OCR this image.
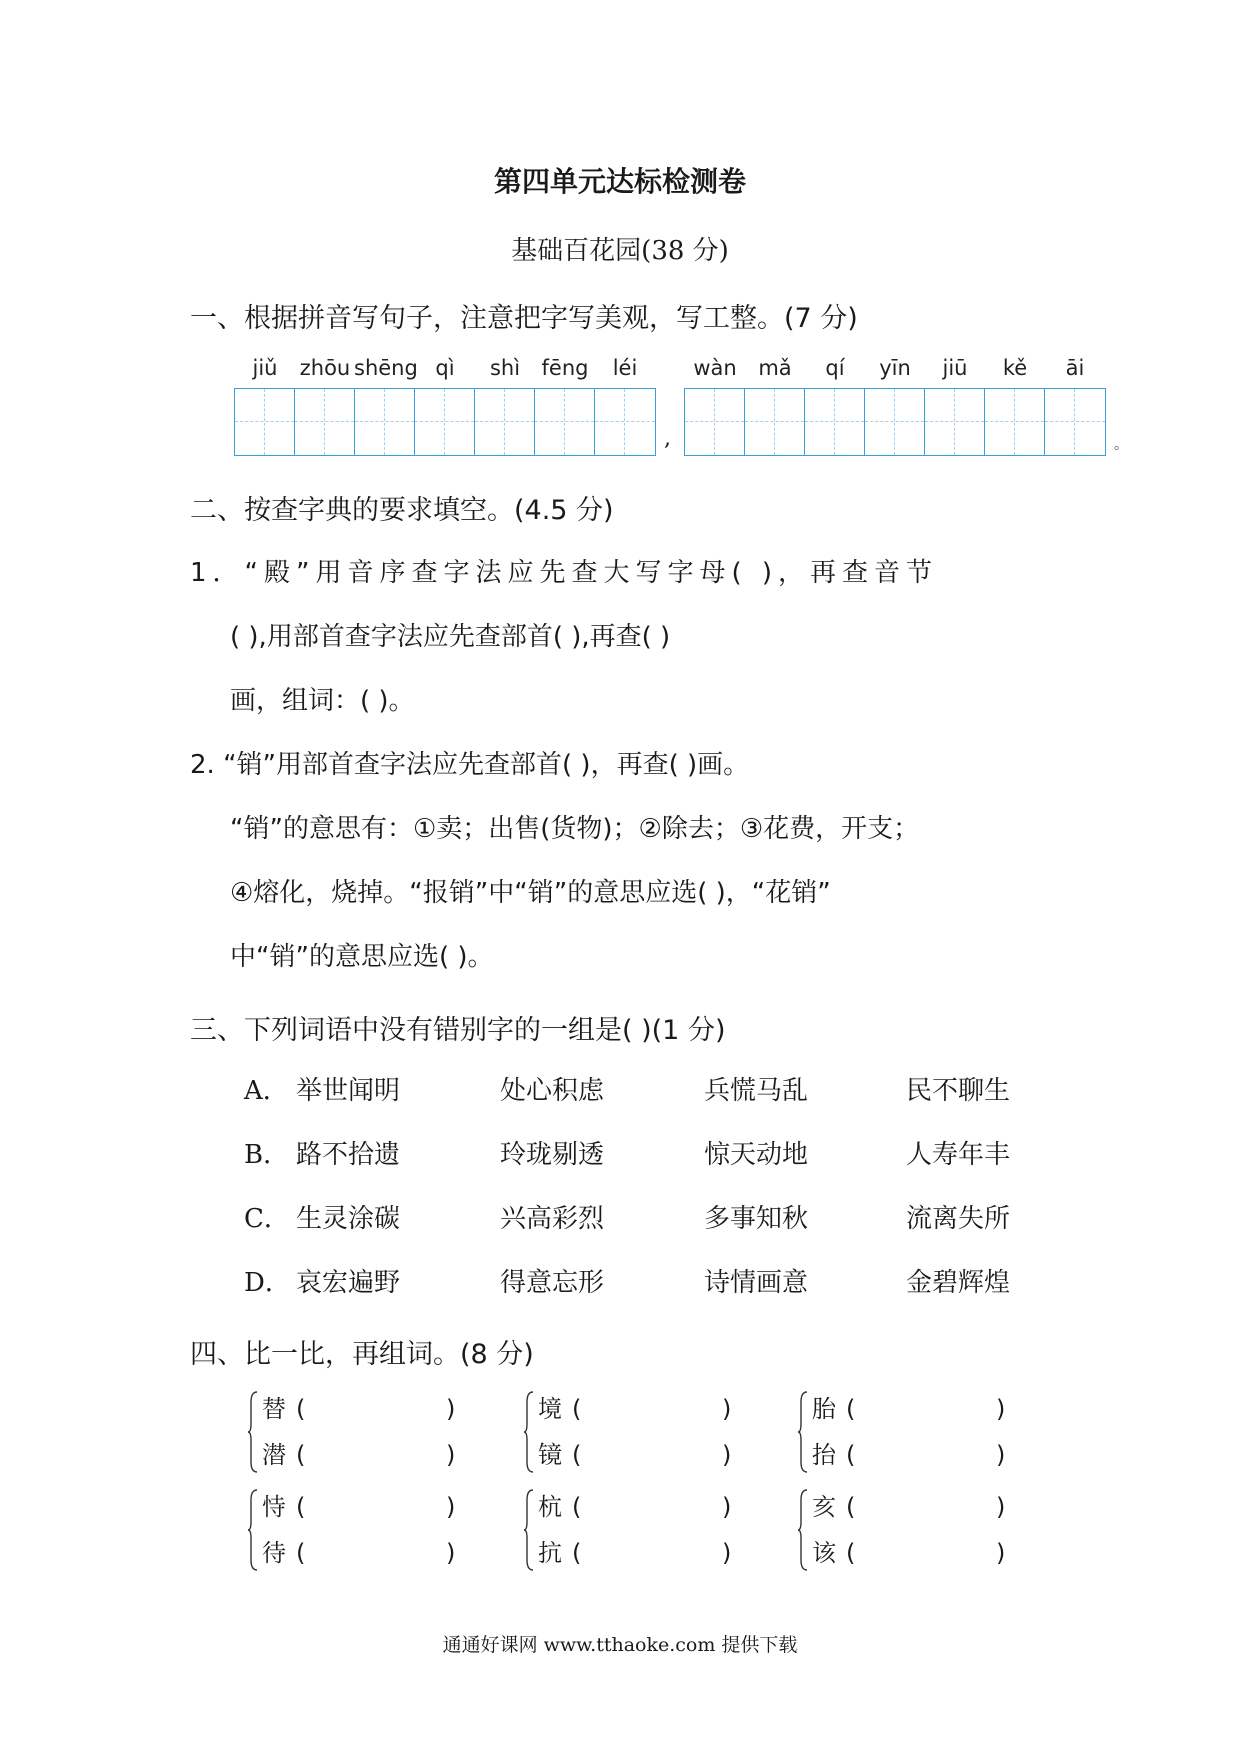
第四单元达标检测卷
基础百花园(38 分)
一、根据拼音写句子，注意把字写美观，写工整。(7 分)
jiǔ	zhōu shēng qì	shì	fēng	léi	wàn	mǎ	qí	yīn	jiū	kě	āi
,	。
二、按查字典的要求填空。(4.5 分)
1．“殿”用音序查字法应先查大写字母( )，再查音节
( ),用部首查字法应先查部首( ),再查( )
画，组词：( )。
2. “销”用部首查字法应先查部首( )，再查( )画。
“销”的意思有：①卖；出售(货物)；②除去；③花费，开支；
④熔化，烧掉。“报销”中“销”的意思应选( )，“花销”
中“销”的意思应选( )。
三、下列词语中没有错别字的一组是( )(1 分)
A． 举世闻明	处心积虑	兵慌马乱	民不聊生
B． 路不拾遗	玲珑剔透	惊天动地	人寿年丰
C． 生灵涂碳	兴高彩烈	多事知秋	流离失所
D． 哀宏遍野	得意忘形	诗情画意	金碧辉煌
四、比一比，再组词。(8 分)
替 (	)
潜 (	)
境 (	)
镜 (	)
胎 (	)
抬 (	)
恃 (	)
待 (	)
杭 (	)
抗 (	)
亥 (	)
该 (	)
通通好课网 www.tthaoke.com 提供下载
